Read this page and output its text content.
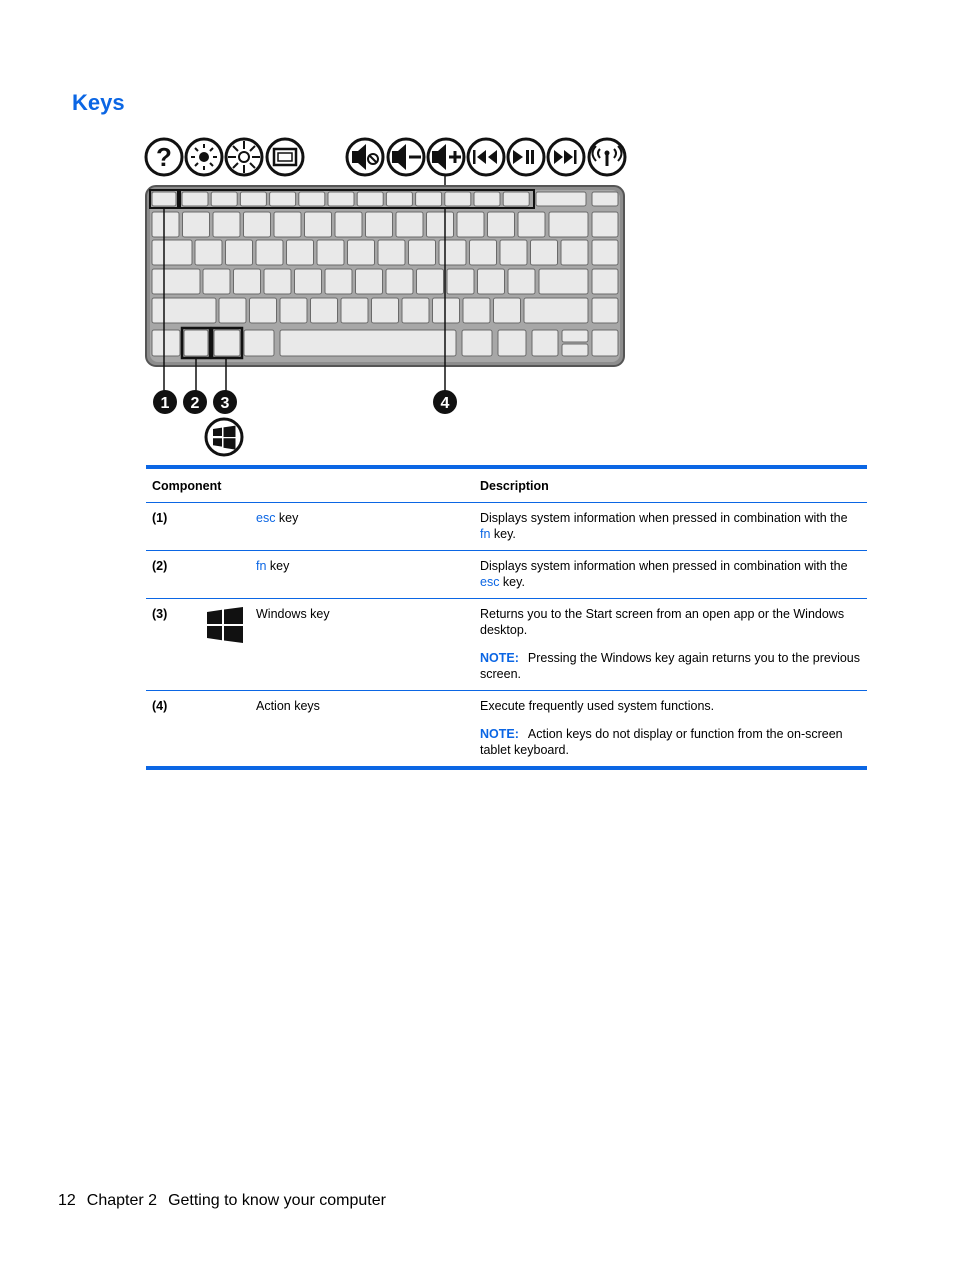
Keys
?
1 2 3	4
Component			Description
(1)		esc key	Displays system information when pressed in combination with the fn key.

(2)		fn key	Displays system information when pressed in combination with the esc key.

(3)		Windows key	Returns you to the Start screen from an open app or the Windows desktop.

NOTE: Pressing the Windows key again returns you to the previous screen.

(4)		Action keys	Execute frequently used system functions.

NOTE: Action keys do not display or function from the on-screen tablet keyboard.

12 Chapter 2 Getting to know your computer
